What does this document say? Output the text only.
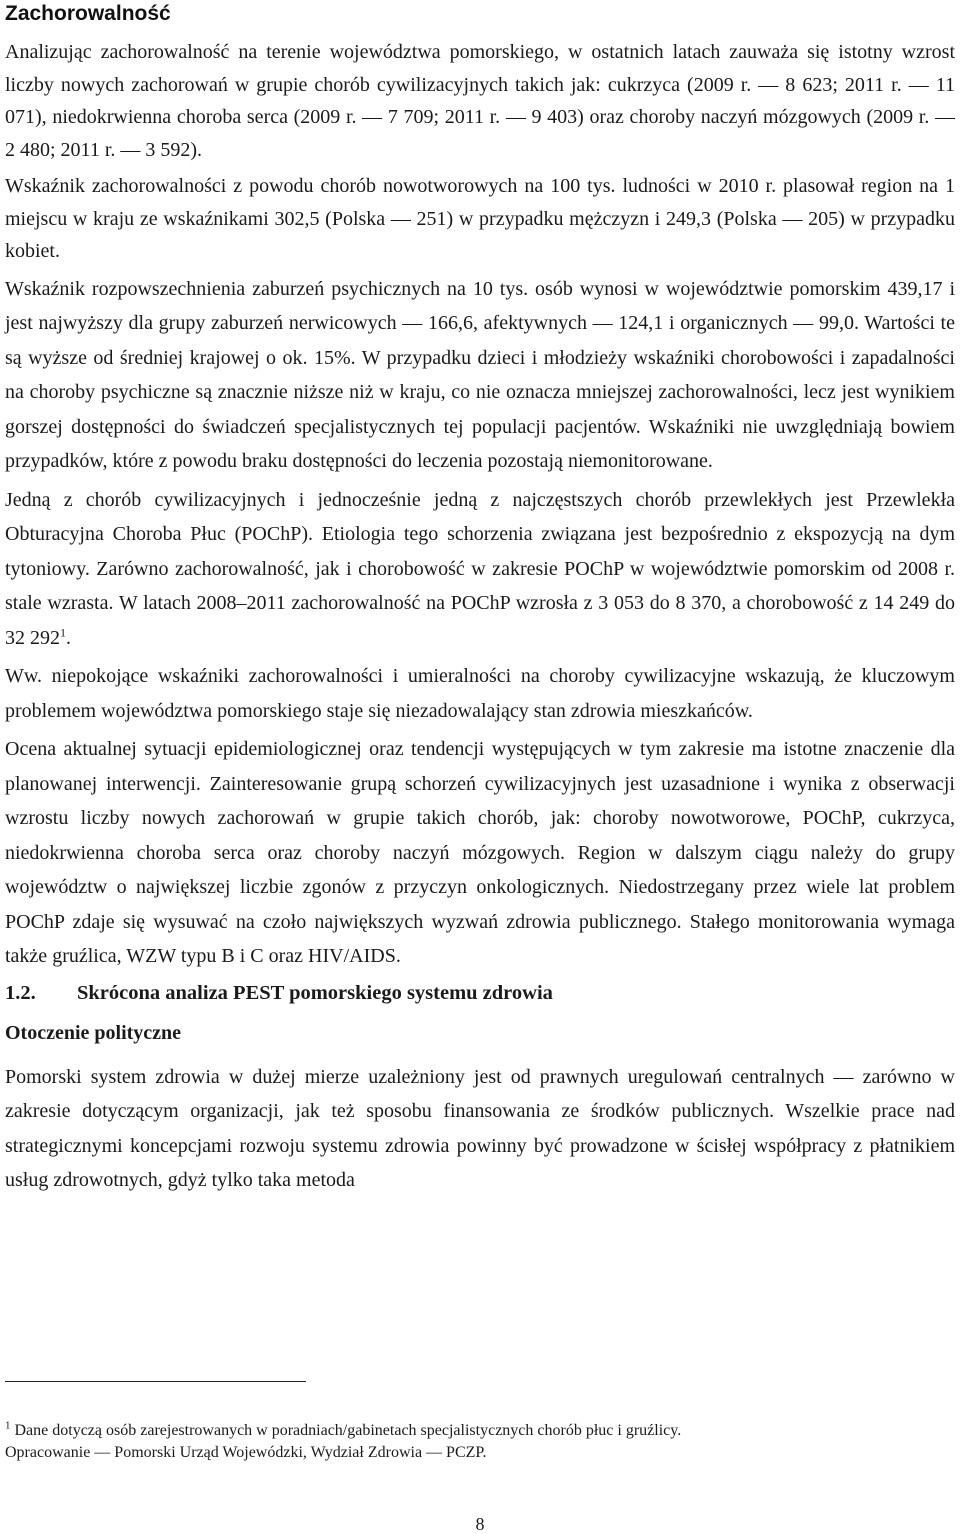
Zachorowalność

Analizując zachorowalność na terenie województwa pomorskiego, w ostatnich latach zauważa się istotny wzrost liczby nowych zachorowań w grupie chorób cywilizacyjnych takich jak: cukrzyca (2009 r. — 8 623; 2011 r. — 11 071), niedokrwienna choroba serca (2009 r. — 7 709; 2011 r. — 9 403) oraz choroby naczyń mózgowych (2009 r. — 2 480; 2011 r. — 3 592).

Wskaźnik zachorowalności z powodu chorób nowotworowych na 100 tys. ludności w 2010 r. plasował region na 1 miejscu w kraju ze wskaźnikami 302,5 (Polska — 251) w przypadku mężczyzn i 249,3 (Polska — 205) w przypadku kobiet.

Wskaźnik rozpowszechnienia zaburzeń psychicznych na 10 tys. osób wynosi w województwie pomorskim 439,17 i jest najwyższy dla grupy zaburzeń nerwicowych — 166,6, afektywnych — 124,1 i organicznych — 99,0. Wartości te są wyższe od średniej krajowej o ok. 15%. W przypadku dzieci i młodzieży wskaźniki chorobowości i zapadalności na choroby psychiczne są znacznie niższe niż w kraju, co nie oznacza mniejszej zachorowalności, lecz jest wynikiem gorszej dostępności do świadczeń specjalistycznych tej populacji pacjentów. Wskaźniki nie uwzględniają bowiem przypadków, które z powodu braku dostępności do leczenia pozostają niemonitorowane.

Jedną z chorób cywilizacyjnych i jednocześnie jedną z najczęstszych chorób przewlekłych jest Przewlekła Obturacyjna Choroba Płuc (POChP). Etiologia tego schorzenia związana jest bezpośrednio z ekspozycją na dym tytoniowy. Zarówno zachorowalność, jak i chorobowość w zakresie POChP w województwie pomorskim od 2008 r. stale wzrasta. W latach 2008–2011 zachorowalność na POChP wzrosła z 3 053 do 8 370, a chorobowość z 14 249 do 32 $292^1$.

Ww. niepokojące wskaźniki zachorowalności i umieralności na choroby cywilizacyjne wskazują, że kluczowym problemem województwa pomorskiego staje się niezadowalający stan zdrowia mieszkańców.

Ocena aktualnej sytuacji epidemiologicznej oraz tendencji występujących w tym zakresie ma istotne znaczenie dla planowanej interwencji. Zainteresowanie grupą schorzeń cywilizacyjnych jest uzasadnione i wynika z obserwacji wzrostu liczby nowych zachorowań w grupie takich chorób, jak: choroby nowotworowe, POChP, cukrzyca, niedokrwienna choroba serca oraz choroby naczyń mózgowych. Region w dalszym ciągu należy do grupy województw o największej liczbie zgonów z przyczyn onkologicznych. Niedostrzegany przez wiele lat problem POChP zdaje się wysuwać na czoło największych wyzwań zdrowia publicznego. Stałego monitorowania wymaga także gruźlica, WZW typu B i C oraz HIV/AIDS.

1.2.	Skrócona analiza PEST pomorskiego systemu zdrowia
Otoczenie polityczne

Pomorski system zdrowia w dużej mierze uzależniony jest od prawnych uregulowań centralnych — zarówno w zakresie dotyczącym organizacji, jak też sposobu finansowania ze środków publicznych. Wszelkie prace nad strategicznymi koncepcjami rozwoju systemu zdrowia powinny być prowadzone w ścisłej współpracy z płatnikiem usług zdrowotnych, gdyż tylko taka metoda

$^1$ Dane dotyczą osób zarejestrowanych w poradniach/gabinetach specjalistycznych chorób płuc i gruźlicy.
Opracowanie — Pomorski Urząd Wojewódzki, Wydział Zdrowia — PCZP.
8
